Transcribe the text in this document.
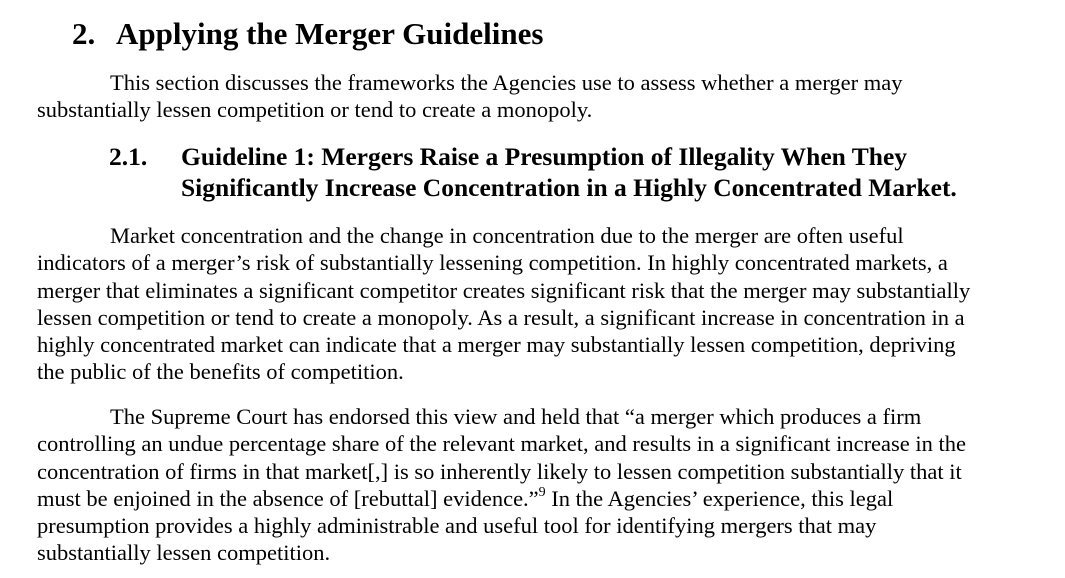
2. Applying the Merger Guidelines

This section discusses the frameworks the Agencies use to assess whether a merger may
substantially lessen competition or tend to create a monopoly.

2.1. Guideline 1: Mergers Raise a Presumption of Illegality When They
Significantly Increase Concentration in a Highly Concentrated Market.

Market concentration and the change in concentration due to the merger are often useful
indicators of a merger’s risk of substantially lessening competition. In highly concentrated markets, a
merger that eliminates a significant competitor creates significant risk that the merger may substantially
lessen competition or tend to create a monopoly. As a result, a significant increase in concentration in a
highly concentrated market can indicate that a merger may substantially lessen competition, depriving
the public of the benefits of competition.

The Supreme Court has endorsed this view and held that “a merger which produces a firm
controlling an undue percentage share of the relevant market, and results in a significant increase in the
concentration of firms in that market[,] is so inherently likely to lessen competition substantially that it
must be enjoined in the absence of [rebuttal] evidence.”$^9$ In the Agencies’ experience, this legal
presumption provides a highly administrable and useful tool for identifying mergers that may
substantially lessen competition.
